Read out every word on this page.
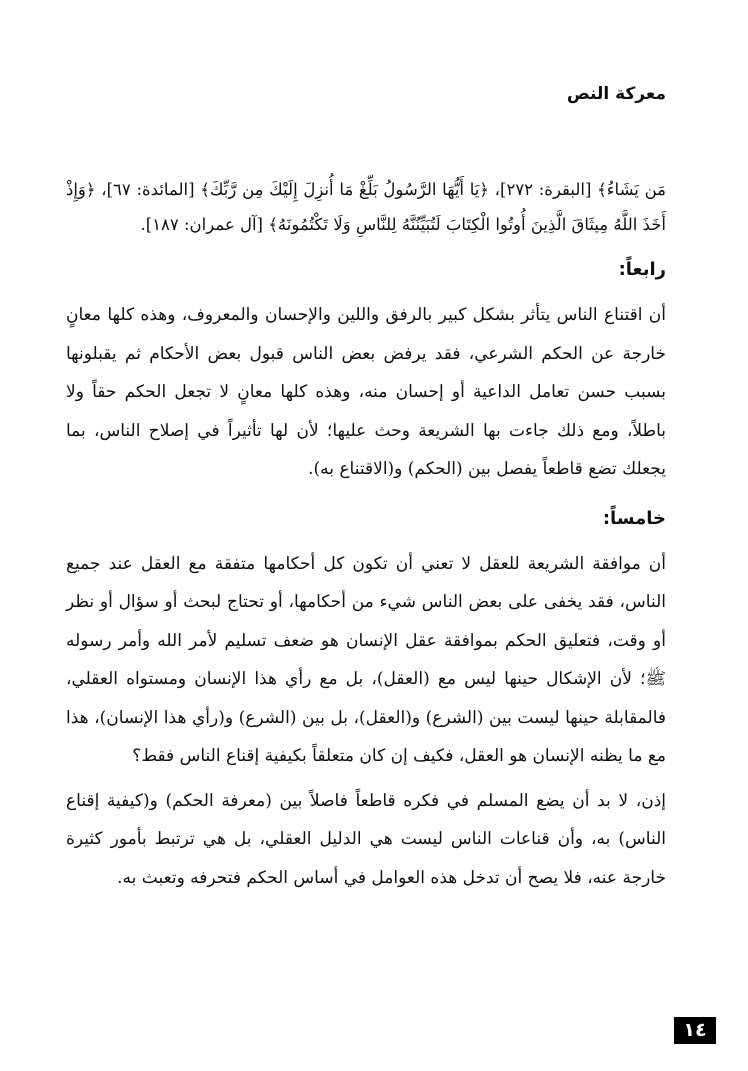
معركة النص

مَن يَشَاءُ﴾ [البقرة: ٢٧٢]، ﴿يَا أَيُّهَا الرَّسُولُ بَلِّغْ مَا أُنزِلَ إِلَيْكَ مِن رَّبِّكَ﴾ [المائدة: ٦٧]، ﴿وَإِذْ أَخَذَ اللَّهُ مِيثَاقَ الَّذِينَ أُوتُوا الْكِتَابَ لَتُبَيِّنُنَّهُ لِلنَّاسِ وَلَا تَكْتُمُونَهُ﴾ [آل عمران: ١٨٧].

رابعاً:

أن اقتناع الناس يتأثر بشكل كبير بالرفق واللين والإحسان والمعروف، وهذه كلها معانٍ خارجة عن الحكم الشرعي، فقد يرفض بعض الناس قبول بعض الأحكام ثم يقبلونها بسبب حسن تعامل الداعية أو إحسان منه، وهذه كلها معانٍ لا تجعل الحكم حقاً ولا باطلاً، ومع ذلك جاءت بها الشريعة وحث عليها؛ لأن لها تأثيراً في إصلاح الناس، بما يجعلك تضع قاطعاً يفصل بين (الحكم) و(الاقتناع به).

خامساً:

أن موافقة الشريعة للعقل لا تعني أن تكون كل أحكامها متفقة مع العقل عند جميع الناس، فقد يخفى على بعض الناس شيء من أحكامها، أو تحتاج لبحث أو سؤال أو نظر أو وقت، فتعليق الحكم بموافقة عقل الإنسان هو ضعف تسليم لأمر الله وأمر رسوله ﷺ؛ لأن الإشكال حينها ليس مع (العقل)، بل مع رأي هذا الإنسان ومستواه العقلي، فالمقابلة حينها ليست بين (الشرع) و(العقل)، بل بين (الشرع) و(رأي هذا الإنسان)، هذا مع ما يظنه الإنسان هو العقل، فكيف إن كان متعلقاً بكيفية إقناع الناس فقط؟

إذن، لا بد أن يضع المسلم في فكره قاطعاً فاصلاً بين (معرفة الحكم) و(كيفية إقناع الناس) به، وأن قناعات الناس ليست هي الدليل العقلي، بل هي ترتبط بأمور كثيرة خارجة عنه، فلا يصح أن تدخل هذه العوامل في أساس الحكم فتحرفه وتعبث به.

١٤
